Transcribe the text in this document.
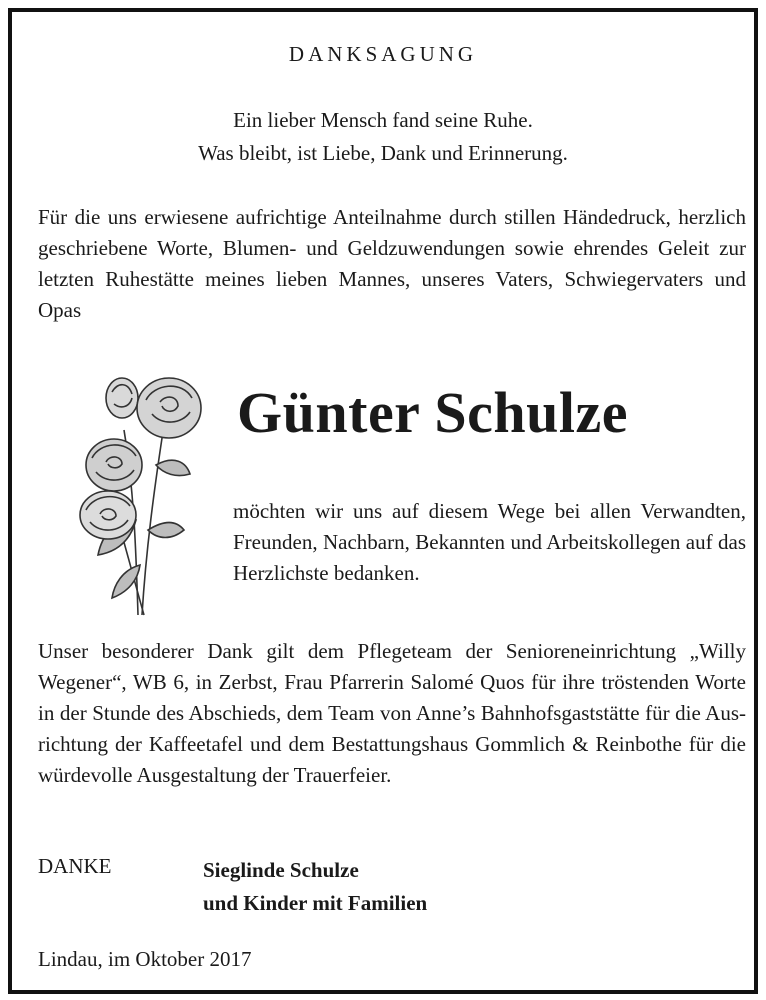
DANKSAGUNG
Ein lieber Mensch fand seine Ruhe.
Was bleibt, ist Liebe, Dank und Erinnerung.
Für die uns erwiesene aufrichtige Anteilnahme durch stillen Händedruck, herzlich geschriebene Worte, Blumen- und Geldzuwendungen sowie ehrendes Geleit zur letzten Ruhestätte meines lieben Mannes, unseres Vaters, Schwiegervaters und Opas
Günter Schulze
möchten wir uns auf diesem Wege bei allen Verwandten, Freunden, Nachbarn, Bekannten und Arbeitskollegen auf das Herzlichste bedanken.
Unser besonderer Dank gilt dem Pflegeteam der Senioreneinrichtung „Willy Wegener“, WB 6, in Zerbst, Frau Pfarrerin Salomé Quos für ihre tröstenden Worte in der Stunde des Abschieds, dem Team von Anne’s Bahnhofsgaststätte für die Ausrichtung der Kaffeetafel und dem Bestattungshaus Gommlich & Reinbothe für die würdevolle Ausgestaltung der Trauerfeier.
DANKE	Sieglinde Schulze
und Kinder mit Familien
Lindau, im Oktober 2017
